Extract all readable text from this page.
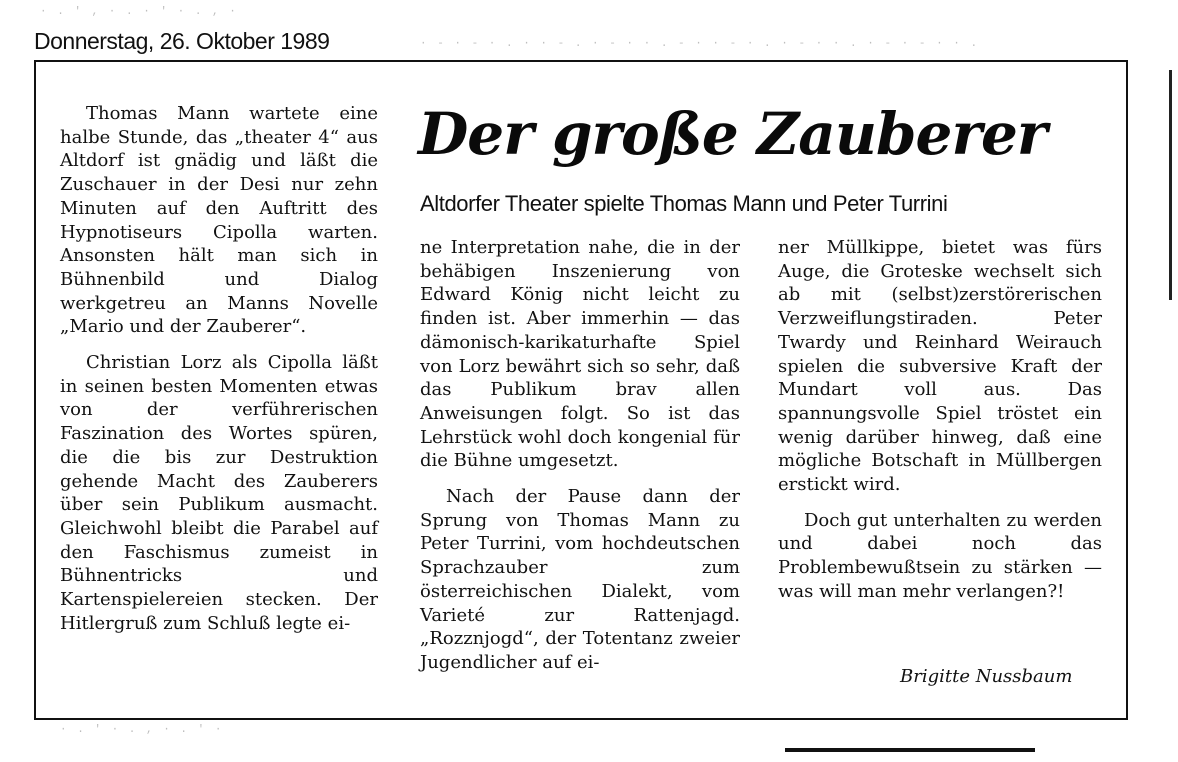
Donnerstag, 26. Oktober 1989
· . ' , · . · ' · . , ·
· - · - · . · · - . · - · · . - · · - · . · - · · . · - · - · · .
· . ' · . , · . ' ·
Der große Zauberer
Altdorfer Theater spielte Thomas Mann und Peter Turrini

Thomas Mann wartete eine halbe Stunde, das „theater 4“ aus Altdorf ist gnädig und läßt die Zuschauer in der Desi nur zehn Minuten auf den Auftritt des Hypnotiseurs Cipolla warten. Ansonsten hält man sich in Bühnenbild und Dialog werkgetreu an Manns Novelle „Mario und der Zauberer“.

Christian Lorz als Cipolla läßt in seinen besten Momenten etwas von der verführerischen Faszination des Wortes spüren, die die bis zur Destruktion gehende Macht des Zauberers über sein Publikum ausmacht. Gleichwohl bleibt die Parabel auf den Faschismus zumeist in Bühnentricks und Kartenspielereien stecken. Der Hitlergruß zum Schluß legte ei-

ne Interpretation nahe, die in der behäbigen Inszenierung von Edward König nicht leicht zu finden ist. Aber immerhin — das dämonisch-karikaturhafte Spiel von Lorz bewährt sich so sehr, daß das Publikum brav allen Anweisungen folgt. So ist das Lehrstück wohl doch kongenial für die Bühne umgesetzt.

Nach der Pause dann der Sprung von Thomas Mann zu Peter Turrini, vom hochdeutschen Sprachzauber zum österreichischen Dialekt, vom Varieté zur Rattenjagd. „Rozznjogd“, der Totentanz zweier Jugendlicher auf ei-

ner Müllkippe, bietet was fürs Auge, die Groteske wechselt sich ab mit (selbst)zerstörerischen Verzweiflungstiraden. Peter Twardy und Reinhard Weirauch spielen die subversive Kraft der Mundart voll aus. Das spannungsvolle Spiel tröstet ein wenig darüber hinweg, daß eine mögliche Botschaft in Müllbergen erstickt wird.

Doch gut unterhalten zu werden und dabei noch das Problembewußtsein zu stärken — was will man mehr verlangen?!

Brigitte Nussbaum
